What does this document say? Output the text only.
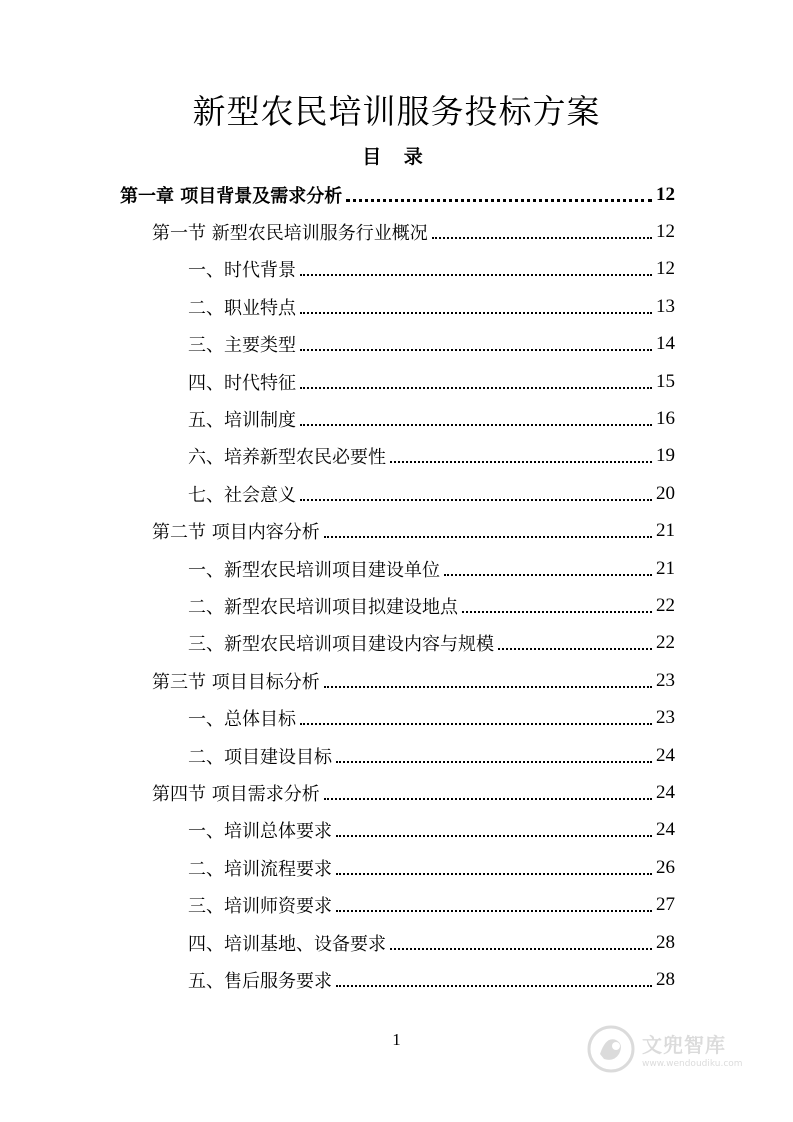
新型农民培训服务投标方案
目 录
第一章 项目背景及需求分析	12
第一节 新型农民培训服务行业概况	12
一、时代背景	12
二、职业特点	13
三、主要类型	14
四、时代特征	15
五、培训制度	16
六、培养新型农民必要性	19
七、社会意义	20
第二节 项目内容分析	21
一、新型农民培训项目建设单位	21
二、新型农民培训项目拟建设地点	22
三、新型农民培训项目建设内容与规模	22
第三节 项目目标分析	23
一、总体目标	23
二、项目建设目标	24
第四节 项目需求分析	24
一、培训总体要求	24
二、培训流程要求	26
三、培训师资要求	27
四、培训基地、设备要求	28
五、售后服务要求	28
1	文兜智库
www.wendoudiku.com
